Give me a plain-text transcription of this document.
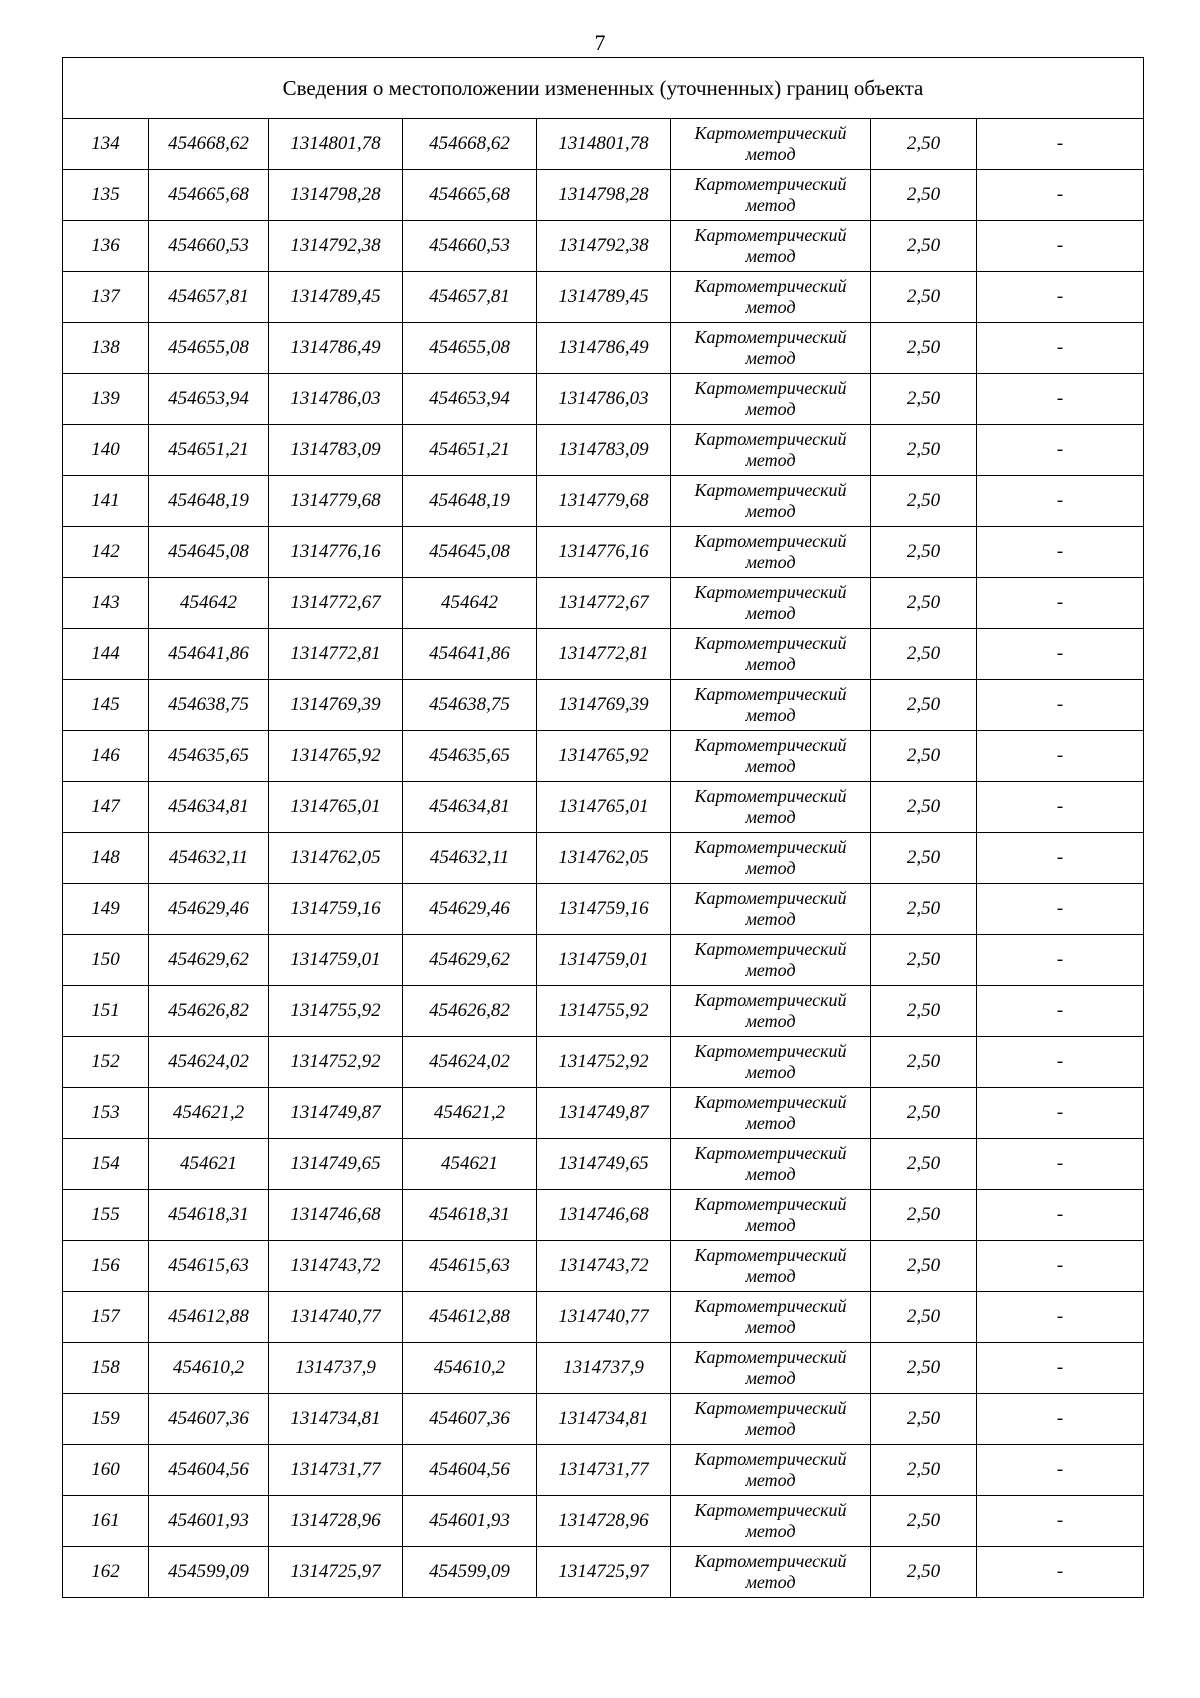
7
Сведения о местоположении измененных (уточненных) границ объекта							
134	454668,62	1314801,78	454668,62	1314801,78	Картометрический
метод	2,50	-
135	454665,68	1314798,28	454665,68	1314798,28	Картометрический
метод	2,50	-
136	454660,53	1314792,38	454660,53	1314792,38	Картометрический
метод	2,50	-
137	454657,81	1314789,45	454657,81	1314789,45	Картометрический
метод	2,50	-
138	454655,08	1314786,49	454655,08	1314786,49	Картометрический
метод	2,50	-
139	454653,94	1314786,03	454653,94	1314786,03	Картометрический
метод	2,50	-
140	454651,21	1314783,09	454651,21	1314783,09	Картометрический
метод	2,50	-
141	454648,19	1314779,68	454648,19	1314779,68	Картометрический
метод	2,50	-
142	454645,08	1314776,16	454645,08	1314776,16	Картометрический
метод	2,50	-
143	454642	1314772,67	454642	1314772,67	Картометрический
метод	2,50	-
144	454641,86	1314772,81	454641,86	1314772,81	Картометрический
метод	2,50	-
145	454638,75	1314769,39	454638,75	1314769,39	Картометрический
метод	2,50	-
146	454635,65	1314765,92	454635,65	1314765,92	Картометрический
метод	2,50	-
147	454634,81	1314765,01	454634,81	1314765,01	Картометрический
метод	2,50	-
148	454632,11	1314762,05	454632,11	1314762,05	Картометрический
метод	2,50	-
149	454629,46	1314759,16	454629,46	1314759,16	Картометрический
метод	2,50	-
150	454629,62	1314759,01	454629,62	1314759,01	Картометрический
метод	2,50	-
151	454626,82	1314755,92	454626,82	1314755,92	Картометрический
метод	2,50	-
152	454624,02	1314752,92	454624,02	1314752,92	Картометрический
метод	2,50	-
153	454621,2	1314749,87	454621,2	1314749,87	Картометрический
метод	2,50	-
154	454621	1314749,65	454621	1314749,65	Картометрический
метод	2,50	-
155	454618,31	1314746,68	454618,31	1314746,68	Картометрический
метод	2,50	-
156	454615,63	1314743,72	454615,63	1314743,72	Картометрический
метод	2,50	-
157	454612,88	1314740,77	454612,88	1314740,77	Картометрический
метод	2,50	-
158	454610,2	1314737,9	454610,2	1314737,9	Картометрический
метод	2,50	-
159	454607,36	1314734,81	454607,36	1314734,81	Картометрический
метод	2,50	-
160	454604,56	1314731,77	454604,56	1314731,77	Картометрический
метод	2,50	-
161	454601,93	1314728,96	454601,93	1314728,96	Картометрический
метод	2,50	-
162	454599,09	1314725,97	454599,09	1314725,97	Картометрический
метод	2,50	-
